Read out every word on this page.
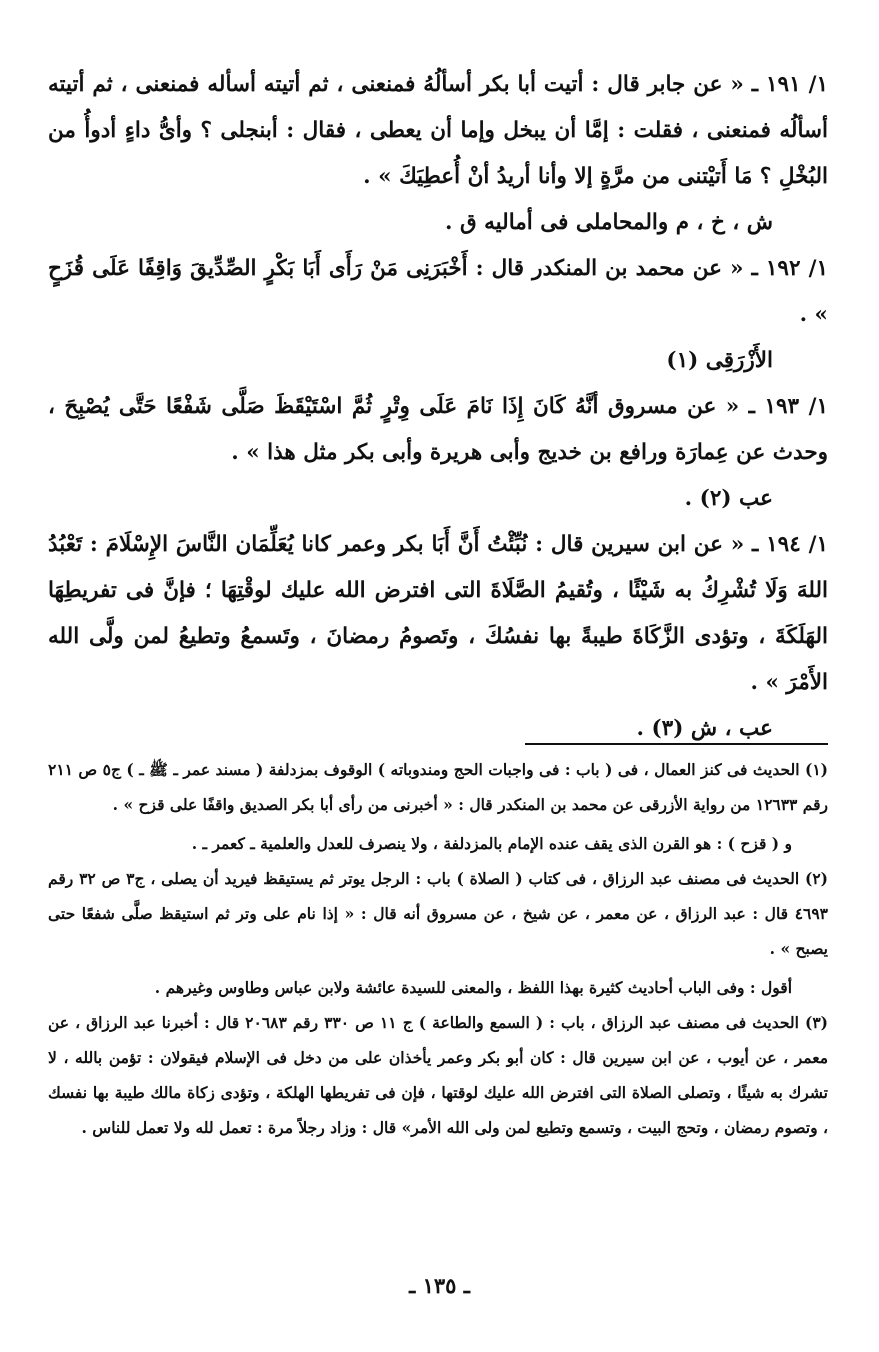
١/ ١٩١ ـ « عن جابر قال : أتيت أبا بكر أسألُهُ فمنعنى ، ثم أتيته أسأله فمنعنى ، ثم أتيته أسألُه فمنعنى ، فقلت : إمَّا أن يبخل وإما أن يعطى ، فقال : أبنجلى ؟ وأىُّ داءٍ أدوأُ من البُخْلِ ؟ مَا أَتيْتنى من مرَّةٍ إلا وأنا أريدُ أنْ أُعطِيَكَ » .

ش ، خ ، م والمحاملى فى أماليه ق .

١/ ١٩٢ ـ « عن محمد بن المنكدر قال : أَخْبَرَنِى مَنْ رَأَى أَبَا بَكْرٍ الصِّدِّيقَ وَاقِفًا عَلَى قُزَحٍ » .

الأَزْرَقِى (١)

١/ ١٩٣ ـ « عن مسروق أنَّهُ كَانَ إِذَا نَامَ عَلَى وِتْرٍ ثُمَّ اسْتَيْقَظَ صَلَّى شَفْعًا حَتَّى يُصْبِحَ ، وحدث عن عِمارَة ورافع بن خديج وأبى هريرة وأبى بكر مثل هذا » .

عب (٢) .

١/ ١٩٤ ـ « عن ابن سيرين قال : نُبِّئْتُ أَنَّ أَبَا بكر وعمر كانا يُعَلِّمَان النَّاسَ الإِسْلَامَ : تَعْبُدُ اللهَ وَلَا تُشْرِكُ به شَيْئًا ، وتُقيمُ الصَّلَاةَ التى افترض الله عليك لوقْتِهَا ؛ فإنَّ فى تفريطِهَا الهَلَكَةَ ، وتؤدى الزَّكَاةَ طيبةً بها نفسُكَ ، وتَصومُ رمضانَ ، وتَسمعُ وتطيعُ لمن ولَّى الله الأَمْرَ » .

عب ، ش (٣) .

(١) الحديث فى كنز العمال ، فى ( باب : فى واجبات الحج ومندوباته ) الوقوف بمزدلفة ( مسند عمر ـ ﷺ ـ ) ج٥ ص ٢١١ رقم ١٢٦٣٣ من رواية الأزرقى عن محمد بن المنكدر قال : « أخبرنى من رأى أبا بكر الصديق واقفًا على قزح » .

و ( قزح ) : هو القرن الذى يقف عنده الإمام بالمزدلفة ، ولا ينصرف للعدل والعلمية ـ كعمر ـ .

(٢) الحديث فى مصنف عبد الرزاق ، فى كتاب ( الصلاة ) باب : الرجل يوتر ثم يستيقظ فيريد أن يصلى ، ج٣ ص ٣٢ رقم ٤٦٩٣ قال : عبد الرزاق ، عن معمر ، عن شيخ ، عن مسروق أنه قال : « إذا نام على وتر ثم استيقظ صلَّى شفعًا حتى يصبح » .

أقول : وفى الباب أحاديث كثيرة بهذا اللفظ ، والمعنى للسيدة عائشة ولابن عباس وطاوس وغيرهم .

(٣) الحديث فى مصنف عبد الرزاق ، باب : ( السمع والطاعة ) ج ١١ ص ٣٣٠ رقم ٢٠٦٨٣ قال : أخبرنا عبد الرزاق ، عن معمر ، عن أيوب ، عن ابن سيرين قال : كان أبو بكر وعمر يأخذان على من دخل فى الإسلام فيقولان : تؤمن بالله ، لا تشرك به شيئًا ، وتصلى الصلاة التى افترض الله عليك لوقتها ، فإن فى تفريطها الهلكة ، وتؤدى زكاة مالك طيبة بها نفسك ، وتصوم رمضان ، وتحج البيت ، وتسمع وتطيع لمن ولى الله الأمر» قال : وزاد رجلاً مرة : تعمل لله ولا تعمل للناس .

ـ ١٣٥ ـ
